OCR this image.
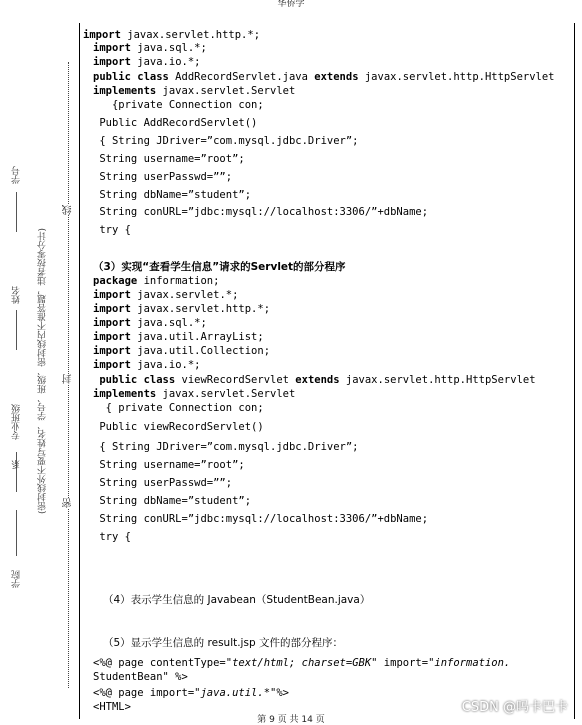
华侨学
学号
姓名
专业班级
系
学院
(密封线外不要写姓名、学号、班级、密封线内不准答题，违者按零分计)
线
封
密
import javax.servlet.http.*;
import java.sql.*;
import java.io.*;
public class AddRecordServlet.java extends javax.servlet.http.HttpServlet
implements javax.servlet.Servlet
{private Connection con;
Public AddRecordServlet()
{ String JDriver=”com.mysql.jdbc.Driver”;
String username=”root”;
String userPasswd=””;
String dbName=”student”;
String conURL=”jdbc:mysql://localhost:3306/”+dbName;
try {
（3）实现“查看学生信息”请求的Servlet的部分程序
package information;
import javax.servlet.*;
import javax.servlet.http.*;
import java.sql.*;
import java.util.ArrayList;
import java.util.Collection;
import java.io.*;
public class viewRecordServlet extends javax.servlet.http.HttpServlet
implements javax.servlet.Servlet
{ private Connection con;
Public viewRecordServlet()
{ String JDriver=”com.mysql.jdbc.Driver”;
String username=”root”;
String userPasswd=””;
String dbName=”student”;
String conURL=”jdbc:mysql://localhost:3306/”+dbName;
try {
（4）表示学生信息的 Javabean（StudentBean.java）
（5）显示学生信息的 result.jsp 文件的部分程序：
<%@ page contentType="text/html; charset=GBK" import="information.
StudentBean" %>
<%@ page import="java.util.*"%>
<HTML>	CSDN @吗卡巴卡
第 9 页 共 14 页
